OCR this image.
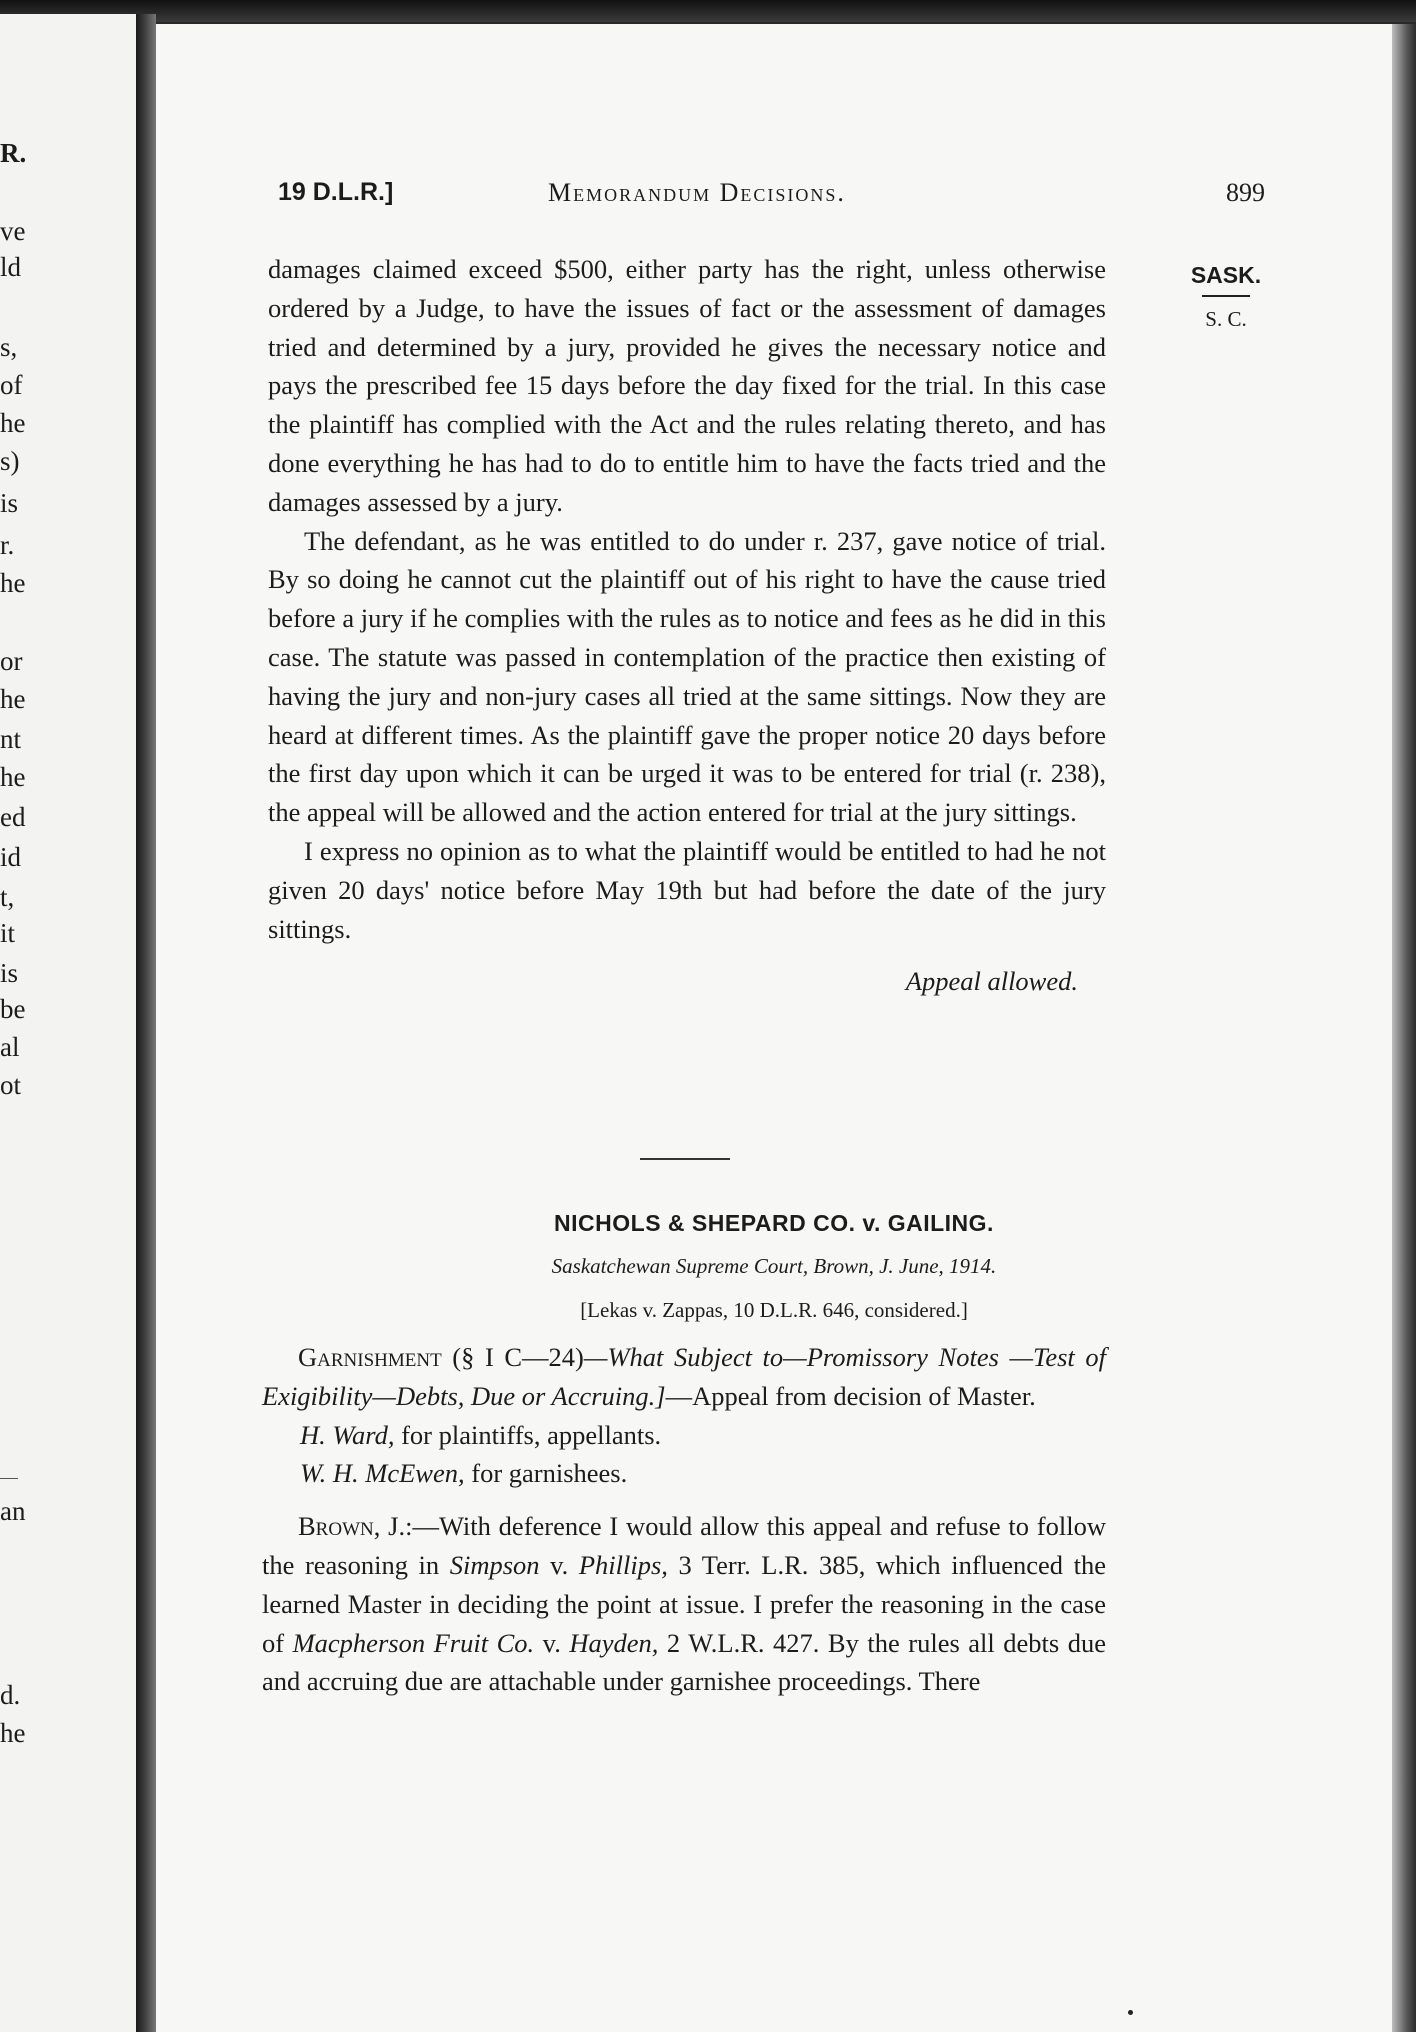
R.
ve
ld
s,
of
he
s)
is
r.
he
or
he
nt
he
ed
id
t,
it
is
be
al
ot
an
d.
he
19 D.L.R.]	Memorandum Decisions.	899
SASK.
S. C.

damages claimed exceed $500, either party has the right, unless otherwise ordered by a Judge, to have the issues of fact or the assessment of damages tried and determined by a jury, provided he gives the necessary notice and pays the prescribed fee 15 days before the day fixed for the trial. In this case the plaintiff has complied with the Act and the rules relating thereto, and has done everything he has had to do to entitle him to have the facts tried and the damages assessed by a jury.

The defendant, as he was entitled to do under r. 237, gave notice of trial. By so doing he cannot cut the plaintiff out of his right to have the cause tried before a jury if he complies with the rules as to notice and fees as he did in this case. The statute was passed in contemplation of the practice then existing of having the jury and non-jury cases all tried at the same sittings. Now they are heard at different times. As the plaintiff gave the proper notice 20 days before the first day upon which it can be urged it was to be entered for trial (r. 238), the appeal will be allowed and the action entered for trial at the jury sittings.

I express no opinion as to what the plaintiff would be entitled to had he not given 20 days' notice before May 19th but had before the date of the jury sittings.

Appeal allowed.
NICHOLS & SHEPARD CO. v. GAILING.
Saskatchewan Supreme Court, Brown, J. June, 1914.
[Lekas v. Zappas, 10 D.L.R. 646, considered.]

Garnishment (§ I C—24)—What Subject to—Promissory Notes —Test of Exigibility—Debts, Due or Accruing.]—Appeal from decision of Master.

H. Ward, for plaintiffs, appellants.

W. H. McEwen, for garnishees.

Brown, J.:—With deference I would allow this appeal and refuse to follow the reasoning in Simpson v. Phillips, 3 Terr. L.R. 385, which influenced the learned Master in deciding the point at issue. I prefer the reasoning in the case of Macpherson Fruit Co. v. Hayden, 2 W.L.R. 427. By the rules all debts due and accruing due are attachable under garnishee proceedings. There
